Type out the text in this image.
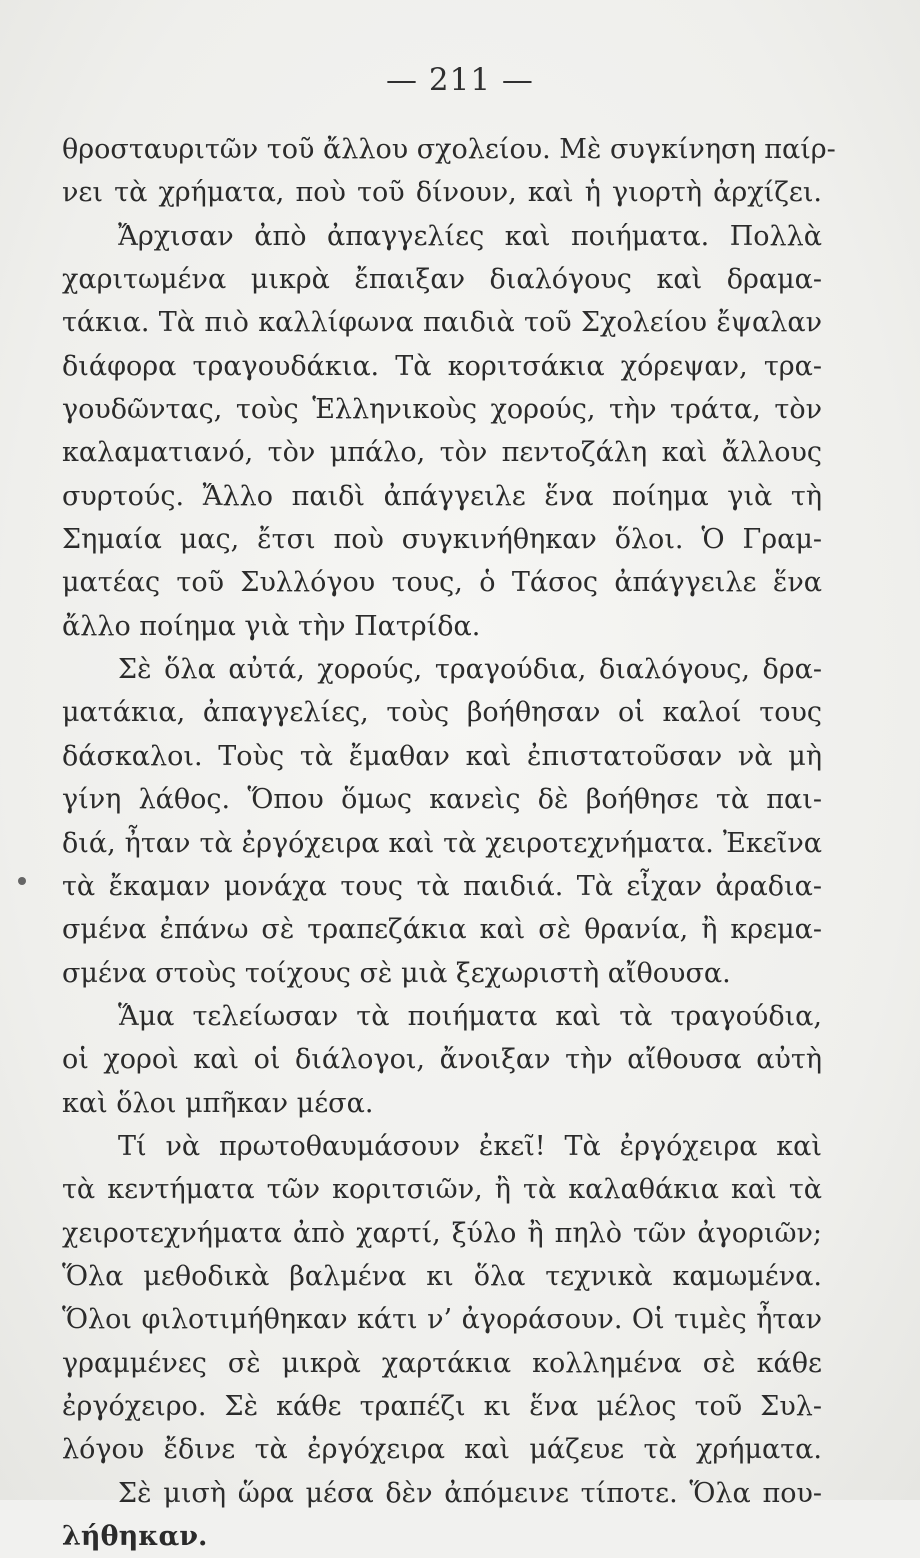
— 211 —
θροσταυριτῶν τοῦ ἄλλου σχολείου. Μὲ συγκίνηση παίρ-
νει τὰ χρήματα, ποὺ τοῦ δίνουν, καὶ ἡ γιορτὴ ἀρχίζει.
Ἄρχισαν ἀπὸ ἀπαγγελίες καὶ ποιήματα. Πολλὰ
χαριτωμένα μικρὰ ἔπαιξαν διαλόγους καὶ δραμα-
τάκια. Τὰ πιὸ καλλίφωνα παιδιὰ τοῦ Σχολείου ἔψαλαν
διάφορα τραγουδάκια. Τὰ κοριτσάκια χόρεψαν, τρα-
γουδῶντας, τοὺς Ἑλληνικοὺς χορούς, τὴν τράτα, τὸν
καλαματιανό, τὸν μπάλο, τὸν πεντοζάλη καὶ ἄλλους
συρτούς. Ἄλλο παιδὶ ἀπάγγειλε ἕνα ποίημα γιὰ τὴ
Σημαία μας, ἔτσι ποὺ συγκινήθηκαν ὅλοι. Ὁ Γραμ-
ματέας τοῦ Συλλόγου τους, ὁ Τάσος ἀπάγγειλε ἕνα
ἄλλο ποίημα γιὰ τὴν Πατρίδα.
Σὲ ὅλα αὐτά, χορούς, τραγούδια, διαλόγους, δρα-
ματάκια, ἀπαγγελίες, τοὺς βοήθησαν οἱ καλοί τους
δάσκαλοι. Τοὺς τὰ ἔμαθαν καὶ ἐπιστατοῦσαν νὰ μὴ
γίνη λάθος. Ὅπου ὅμως κανεὶς δὲ βοήθησε τὰ παι-
διά, ἦταν τὰ ἐργόχειρα καὶ τὰ χειροτεχνήματα. Ἐκεῖνα
τὰ ἔκαμαν μονάχα τους τὰ παιδιά. Τὰ εἶχαν ἀραδια-
σμένα ἐπάνω σὲ τραπεζάκια καὶ σὲ θρανία, ἢ κρεμα-
σμένα στοὺς τοίχους σὲ μιὰ ξεχωριστὴ αἴθουσα.
Ἅμα τελείωσαν τὰ ποιήματα καὶ τὰ τραγούδια,
οἱ χοροὶ καὶ οἱ διάλογοι, ἄνοιξαν τὴν αἴθουσα αὐτὴ
καὶ ὅλοι μπῆκαν μέσα.
Τί νὰ πρωτοθαυμάσουν ἐκεῖ! Τὰ ἐργόχειρα καὶ
τὰ κεντήματα τῶν κοριτσιῶν, ἢ τὰ καλαθάκια καὶ τὰ
χειροτεχνήματα ἀπὸ χαρτί, ξύλο ἢ πηλὸ τῶν ἀγοριῶν;
Ὅλα μεθοδικὰ βαλμένα κι ὅλα τεχνικὰ καμωμένα.
Ὅλοι φιλοτιμήθηκαν κάτι ν’ ἀγοράσουν. Οἱ τιμὲς ἦταν
γραμμένες σὲ μικρὰ χαρτάκια κολλημένα σὲ κάθε
ἐργόχειρο. Σὲ κάθε τραπέζι κι ἕνα μέλος τοῦ Συλ-
λόγου ἔδινε τὰ ἐργόχειρα καὶ μάζευε τὰ χρήματα.
Σὲ μισὴ ὥρα μέσα δὲν ἀπόμεινε τίποτε. Ὅλα που-
λήθηκαν.
